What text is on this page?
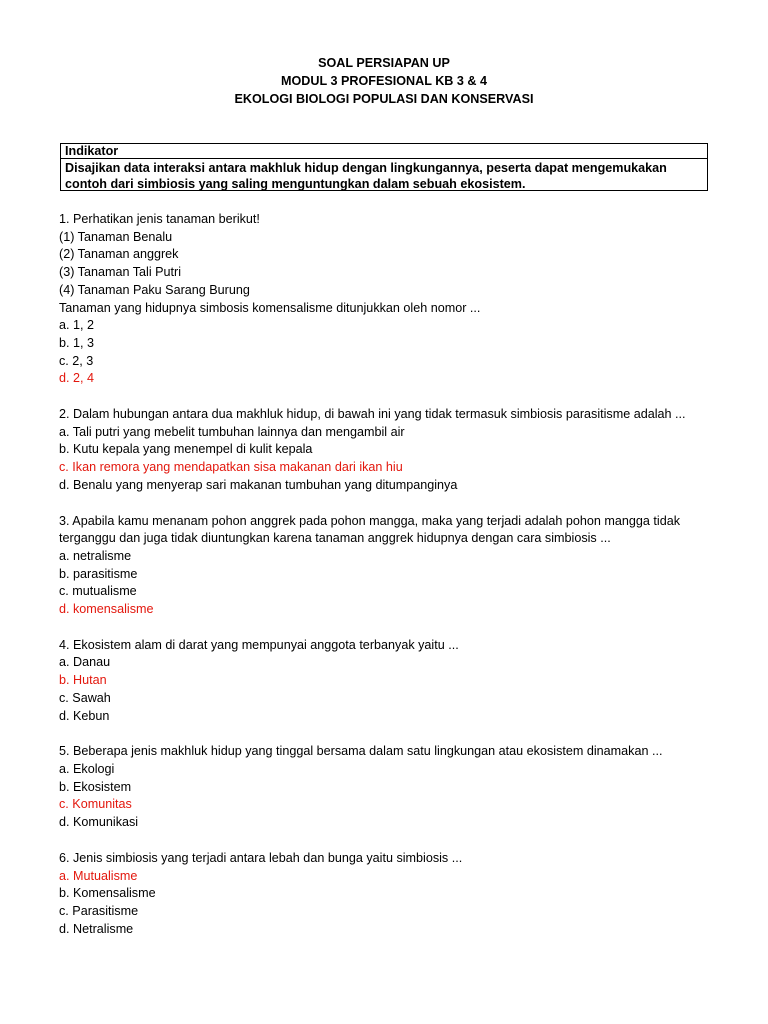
SOAL PERSIAPAN UP
MODUL 3 PROFESIONAL KB 3 & 4
EKOLOGI BIOLOGI POPULASI DAN KONSERVASI
Indikator
Disajikan data interaksi antara makhluk hidup dengan lingkungannya, peserta dapat mengemukakan contoh dari simbiosis yang saling menguntungkan dalam sebuah ekosistem.
1. Perhatikan jenis tanaman berikut!
(1) Tanaman Benalu
(2) Tanaman anggrek
(3) Tanaman Tali Putri
(4) Tanaman Paku Sarang Burung
Tanaman yang hidupnya simbosis komensalisme ditunjukkan oleh nomor ...
a. 1, 2
b. 1, 3
c. 2, 3
d. 2, 4
2. Dalam hubungan antara dua makhluk hidup, di bawah ini yang tidak termasuk simbiosis parasitisme adalah ...
a. Tali putri yang mebelit tumbuhan lainnya dan mengambil air
b. Kutu kepala yang menempel di kulit kepala
c. Ikan remora yang mendapatkan sisa makanan dari ikan hiu
d. Benalu yang menyerap sari makanan tumbuhan yang ditumpanginya
3. Apabila kamu menanam pohon anggrek pada pohon mangga, maka yang terjadi adalah pohon mangga tidak terganggu dan juga tidak diuntungkan karena tanaman anggrek hidupnya dengan cara simbiosis ...
a. netralisme
b. parasitisme
c. mutualisme
d. komensalisme
4. Ekosistem alam di darat yang mempunyai anggota terbanyak yaitu ...
a. Danau
b. Hutan
c. Sawah
d. Kebun
5. Beberapa jenis makhluk hidup yang tinggal bersama dalam satu lingkungan atau ekosistem dinamakan ...
a. Ekologi
b. Ekosistem
c. Komunitas
d. Komunikasi
6. Jenis simbiosis yang terjadi antara lebah dan bunga yaitu simbiosis ...
a. Mutualisme
b. Komensalisme
c. Parasitisme
d. Netralisme
